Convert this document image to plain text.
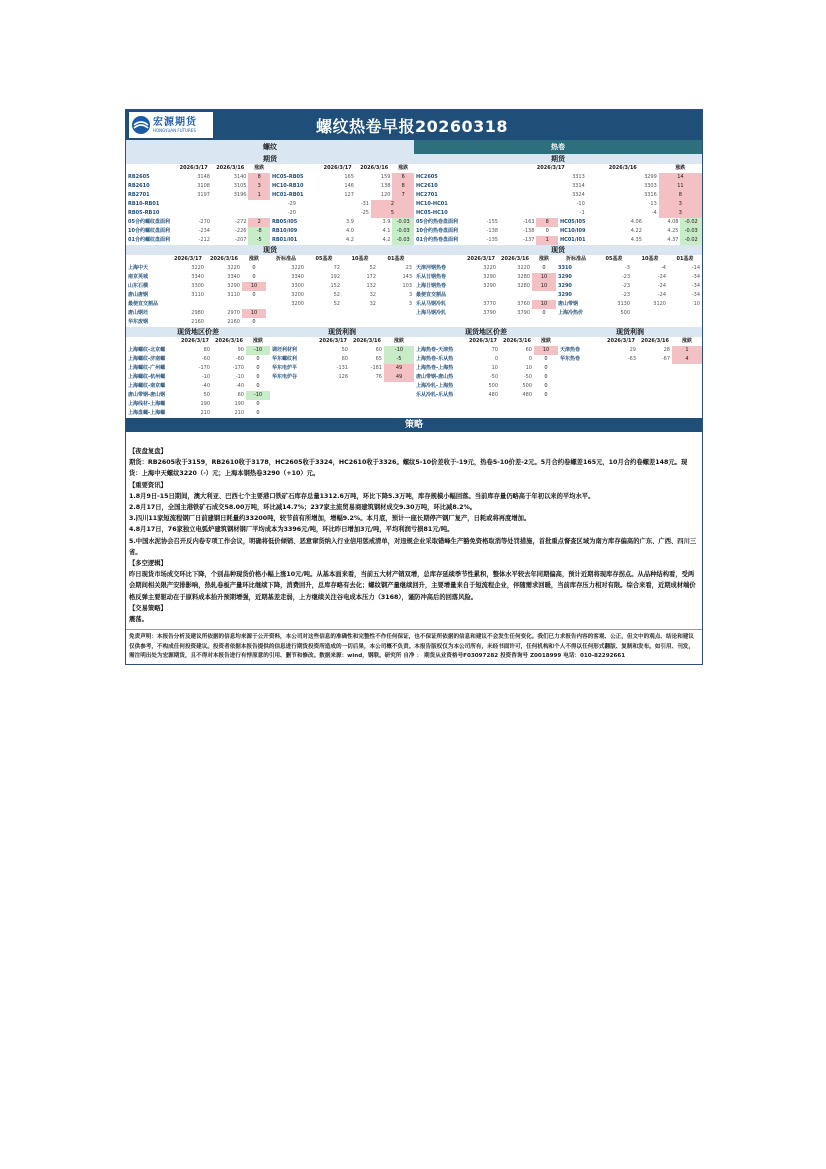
宏源期货
HONGYUAN FUTURES	螺纹热卷早报20260318
螺纹	热卷
期货	期货
	2026/3/17	2026/3/16	涨跌		2026/3/17	2026/3/16	涨跌
RB2605	3148	3140	8	HC05-RB05	165	159	6
RB2610	3108	3105	3	HC10-RB10	146	138	8
RB2701	3197	3196	1	HC01-RB01	127	120	7
RB10-RB01	-29	-31	2
RB05-RB10	-20	-25	5
05合约螺纹盘面利	-270	-272	2	RB05/I05	3.9	3.9	-0.03
10合约螺纹盘面利	-234	-226	-8	RB10/I09	4.0	4.1	-0.03
01合约螺纹盘面利	-212	-207	-5	RB01/I01	4.2	4.2	-0.03
	2026/3/17	2026/3/16	涨跌
HC2605	3313	3299	14
HC2610	3314	3303	11
HC2701	3324	3316	8
HC10-HC01	-10	-13	3
HC05-HC10	-1	-4	3
05合约热卷盘面利	-155	-163	8	HC05/I05	4.06	4.08	-0.02
10合约热卷盘面利	-138	-138	0	HC10/I09	4.22	4.25	-0.03
01合约热卷盘面利	-135	-137	1	HC01/I01	4.35	4.37	-0.02
现货	现货
	2026/3/17	2026/3/16	涨跌	折标准品	05基差	10基差	01基差
上海中天	3220	3220	0	3220	72	52	23
南京英城	3340	3340	0	3340	192	172	143
山东石横	3300	3290	10	3300	152	132	103
唐山唐钢	3110	3110	0	3200	52	32	3
最便宜交割品				3200	52	32	3
唐山钢坯	2980	2970	10				
华东废钢	2160	2160	0				
	2026/3/17	2026/3/16	涨跌	折标准品	05基差	10基差	01基差
天津河钢热卷	3220	3220	0	3310	-3	-4	-14
乐从日钢热卷	3290	3280	10	3290	-23	-24	-34
上海日钢热卷	3290	3280	10	3290	-23	-24	-34
最便宜交割品				3290	-23	-24	-34
乐从马钢冷轧	3770	3760	10	唐山带钢	3130	3120	10
上海马钢冷轧	3790	3790	0	上海冷热价	500		
现货地区价差	现货利润	现货地区价差	现货利润
	2026/3/17	2026/3/16	涨跌		2026/3/17	2026/3/16	涨跌
上海螺纹-北京螺	80	90	-10	调坯利材利	50	60	-10
上海螺纹-济南螺	-60	-60	0	华东螺纹利	60	65	-5
上海螺纹-广州螺	-170	-170	0	华东电炉平	-131	-181	49
上海螺纹-杭州螺	-10	-10	0	华东电炉谷	126	76	49
上海螺纹-南京螺	-40	-40	0				
唐山带钢-唐山钢	50	60	-10				
上海线材-上海螺	190	190	0				
上海盘螺-上海螺	210	210	0				
	2026/3/17	2026/3/16	涨跌		2026/3/17	2026/3/16	涨跌
上海热卷-天津热	70	60	10	天津热卷	29	28	1
上海热卷-乐从热	0	0	0	华东热卷	-63	-67	4
上海热卷-上海热	10	10	0				
唐山带钢-唐山热	-50	-50	0				
上海冷轧-上海热	500	500	0				
乐从冷轧-乐从热	480	480	0				
策略

【夜盘复盘】

期货：RB2605收于3159，RB2610收于3178，HC2605收于3324，HC2610收于3326。螺纹5-10价差收于-19元，热卷5-10价差-2元。5月合约卷螺差165元，10月合约卷螺差148元。现货：上海中天螺纹3220（-）元；上海本钢热卷3290（+10）元。

【重要资讯】

1.8月9日-15日期间，澳大利亚、巴西七个主要港口铁矿石库存总量1312.6万吨，环比下降5.3万吨，库存规模小幅回落。当前库存量仍略高于年初以来的平均水平。

2.8月17日，全国主港铁矿石成交58.00万吨，环比减14.7%；237家主流贸易商建筑钢材成交9.30万吨，环比减8.2%。

3.四川11家短流程钢厂日前建钢日耗量约33200吨，较节前有所增加，增幅9.2%。本月底，预计一座长期停产钢厂复产，日耗或将再度增加。

4.8月17日，76家独立电弧炉建筑钢材钢厂平均成本为3396元/吨，环比昨日增加3元/吨，平均利润亏损81元/吨。

5.中国水泥协会召开反内卷专项工作会议，明确将低价倾销、恶意窜货纳入行业信用惩戒清单，对违规企业采取错峰生产豁免资格取消等处罚措施，首批重点督查区域为南方库存偏高的广东、广西、四川三省。

【多空逻辑】

昨日现货市场成交环比下降，个别品种现货价格小幅上涨10元/吨。从基本面来看，当前五大材产销双增，总库存延续季节性累积，整体水平较去年同期偏高，预计近期将现库存拐点。从品种结构看，受两会期间相关限产安排影响，热轧卷板产量环比继续下降，消费回升，总库存略有去化；螺纹钢产量继续回升，主要增量来自于短流程企业，伴随需求回暖，当前库存压力相对有限。综合来看，近期成材端价格反弹主要驱动在于原料成本抬升预期增强，近期基差走弱，上方继续关注谷电成本压力（3168），谨防冲高后的回落风险。

【交易策略】

震荡。

免责声明：本报告分析及建议所依据的信息均来源于公开资料，本公司对这些信息的准确性和完整性不作任何保证，也不保证所依据的信息和建议不会发生任何变化。我们已力求报告内容的客观、公正，但文中的观点、结论和建议仅供参考，不构成任何投资建议。投资者依据本报告提供的信息进行期货投资所造成的一切后果，本公司概不负责。本报告版权仅为本公司所有，未经书面许可，任何机构和个人不得以任何形式翻版、复制和发布。如引用、刊发，需注明出处为宏源期货，且不得对本报告进行有悖原意的引用、删节和修改。数据来源：wind，钢联。研究所 自净 ： 期货从业资格号F03097282 投资咨询号 Z0018999 电话：010-82292661
